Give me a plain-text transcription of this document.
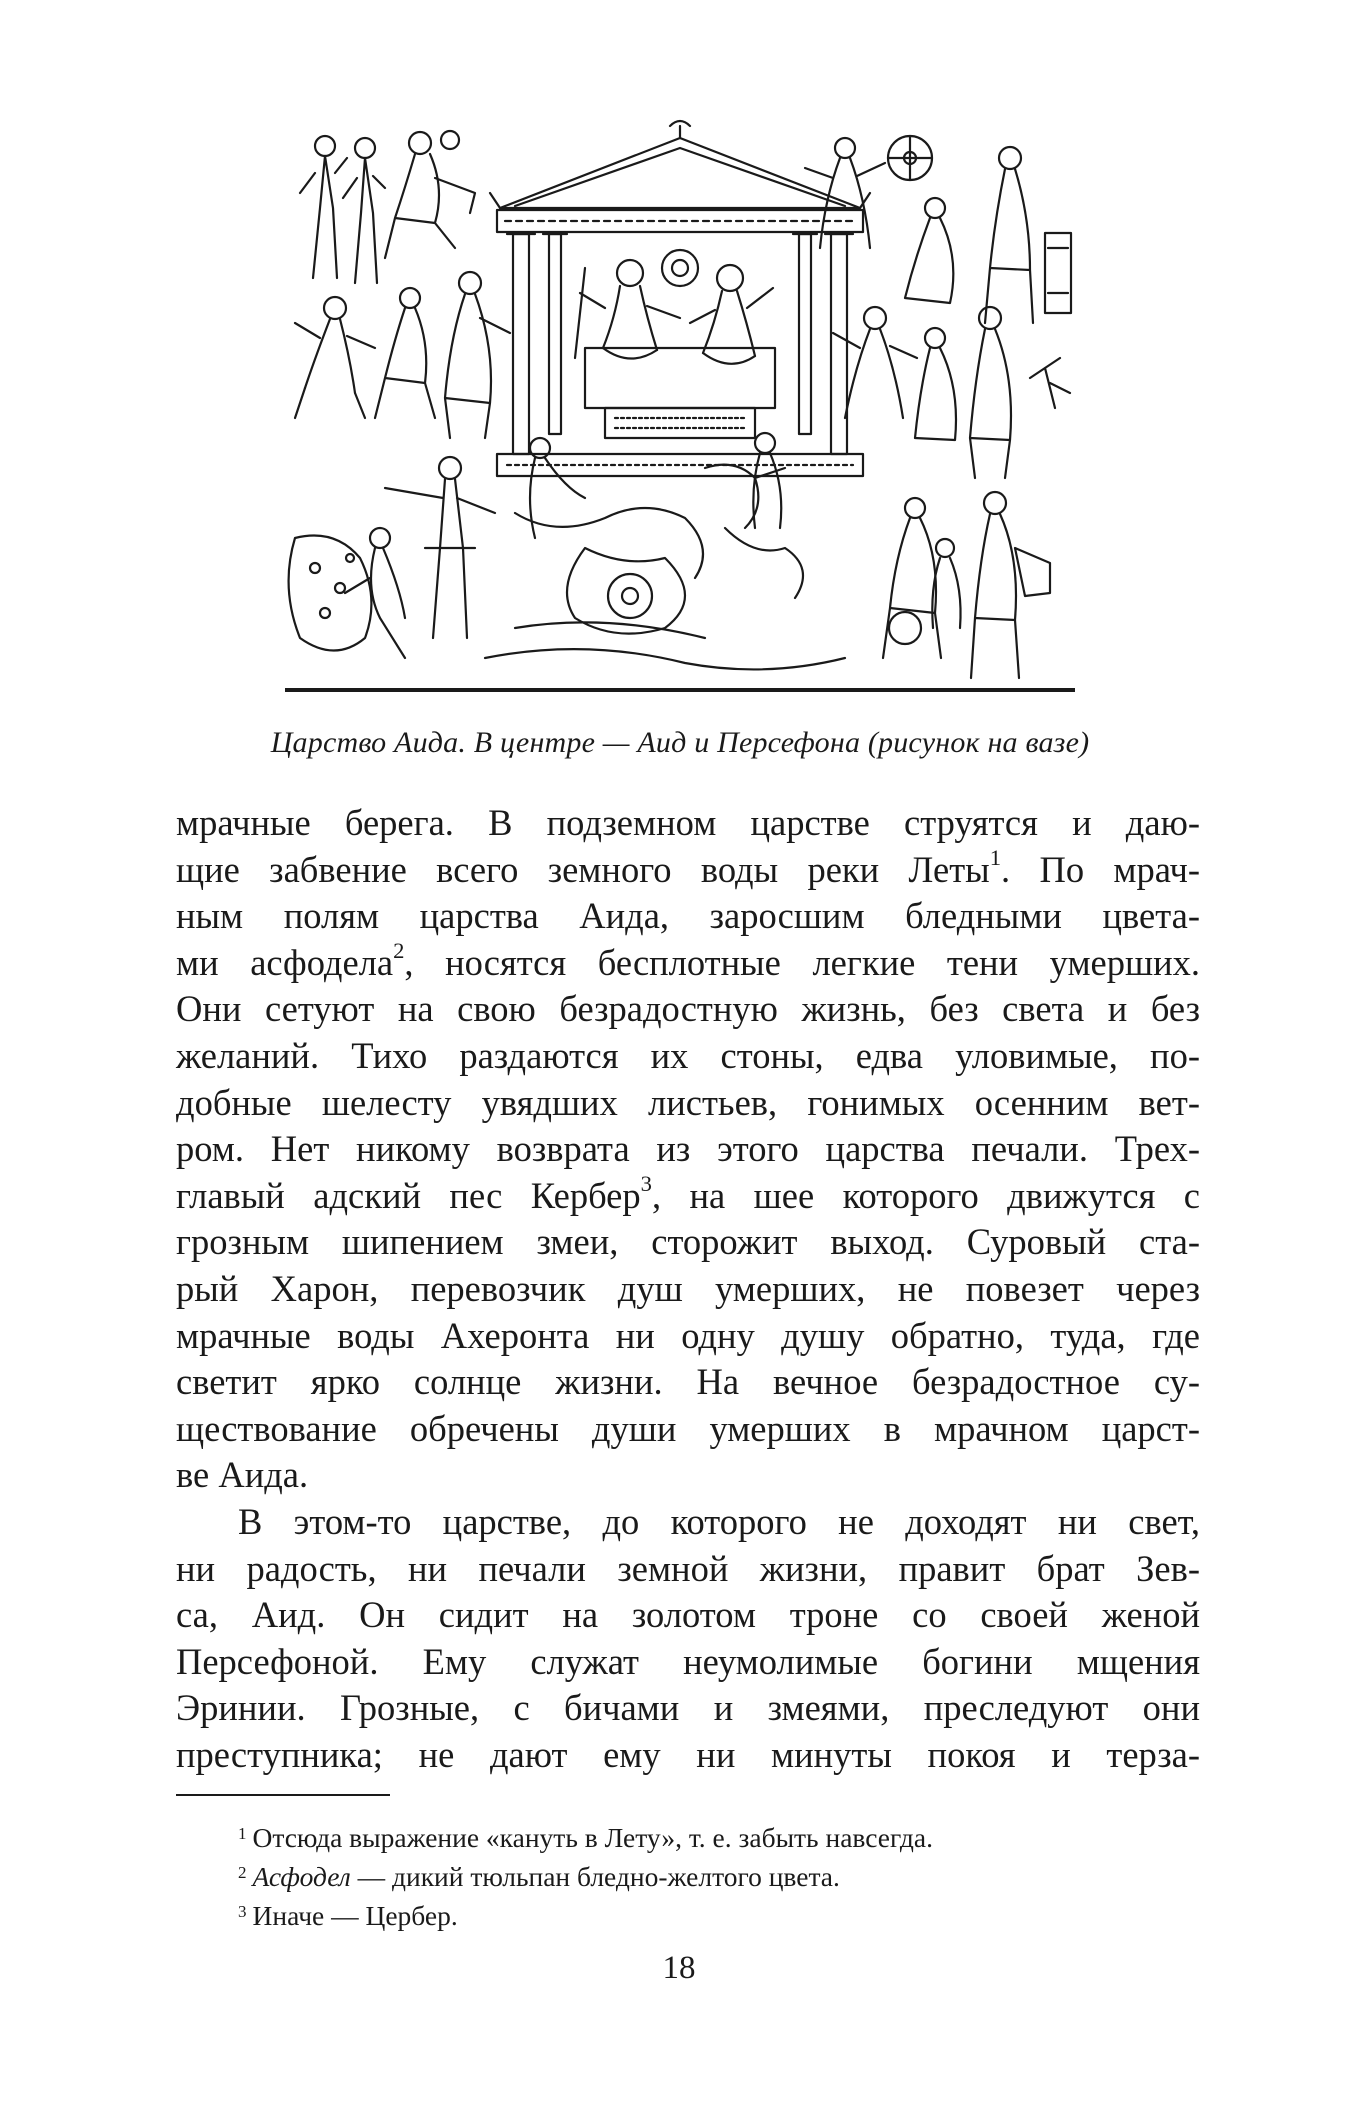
Царство Аида. В центре — Аид и Персефона (рисунок на вазе)

мрачные берега. В подземном царстве струятся и даю-
щие забвение всего земного воды реки Леты$^1$. По мрач-
ным полям царства Аида, заросшим бледными цвета-
ми асфодела$^2$, носятся бесплотные легкие тени умерших.
Они сетуют на свою безрадостную жизнь, без света и без
желаний. Тихо раздаются их стоны, едва уловимые, по-
добные шелесту увядших листьев, гонимых осенним вет-
ром. Нет никому возврата из этого царства печали. Трех-
главый адский пес Кербер$^3$, на шее которого движутся с
грозным шипением змеи, сторожит выход. Суровый ста-
рый Харон, перевозчик душ умерших, не повезет через
мрачные воды Ахеронта ни одну душу обратно, туда, где
светит ярко солнце жизни. На вечное безрадостное су-
ществование обречены души умерших в мрачном царст-
ве Аида.

В этом-то царстве, до которого не доходят ни свет,
ни радость, ни печали земной жизни, правит брат Зев-
са, Аид. Он сидит на золотом троне со своей женой
Персефоной. Ему служат неумолимые богини мщения
Эринии. Грозные, с бичами и змеями, преследуют они
преступника; не дают ему ни минуты покоя и терза-

$^1$ Отсюда выражение «кануть в Лету», т. е. забыть навсегда.

$^2$ Асфодел — дикий тюльпан бледно-желтого цвета.

$^3$ Иначе — Цербер.

18
